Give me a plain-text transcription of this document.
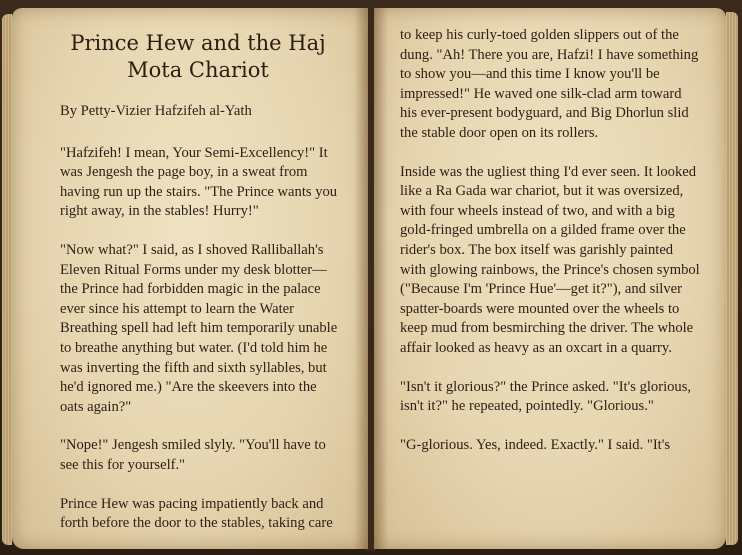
Prince Hew and the Haj Mota Chariot

By Petty-Vizier Hafzifeh al-Yath

"Hafzifeh! I mean, Your Semi-Excellency!" It was Jengesh the page boy, in a sweat from having run up the stairs. "The Prince wants you right away, in the stables! Hurry!"

"Now what?" I said, as I shoved Ralliballah's Eleven Ritual Forms under my desk blotter—the Prince had forbidden magic in the palace ever since his attempt to learn the Water Breathing spell had left him temporarily unable to breathe anything but water. (I'd told him he was inverting the fifth and sixth syllables, but he'd ignored me.) "Are the skeevers into the oats again?"

"Nope!" Jengesh smiled slyly. "You'll have to see this for yourself."

Prince Hew was pacing impatiently back and forth before the door to the stables, taking care

to keep his curly-toed golden slippers out of the dung. "Ah! There you are, Hafzi! I have something to show you—and this time I know you'll be impressed!" He waved one silk-clad arm toward his ever-present bodyguard, and Big Dhorlun slid the stable door open on its rollers.

Inside was the ugliest thing I'd ever seen. It looked like a Ra Gada war chariot, but it was oversized, with four wheels instead of two, and with a big gold-fringed umbrella on a gilded frame over the rider's box. The box itself was garishly painted with glowing rainbows, the Prince's chosen symbol ("Because I'm 'Prince Hue'—get it?"), and silver spatter-boards were mounted over the wheels to keep mud from besmirching the driver. The whole affair looked as heavy as an oxcart in a quarry.

"Isn't it glorious?" the Prince asked. "It's glorious, isn't it?" he repeated, pointedly. "Glorious."

"G-glorious. Yes, indeed. Exactly." I said. "It's
